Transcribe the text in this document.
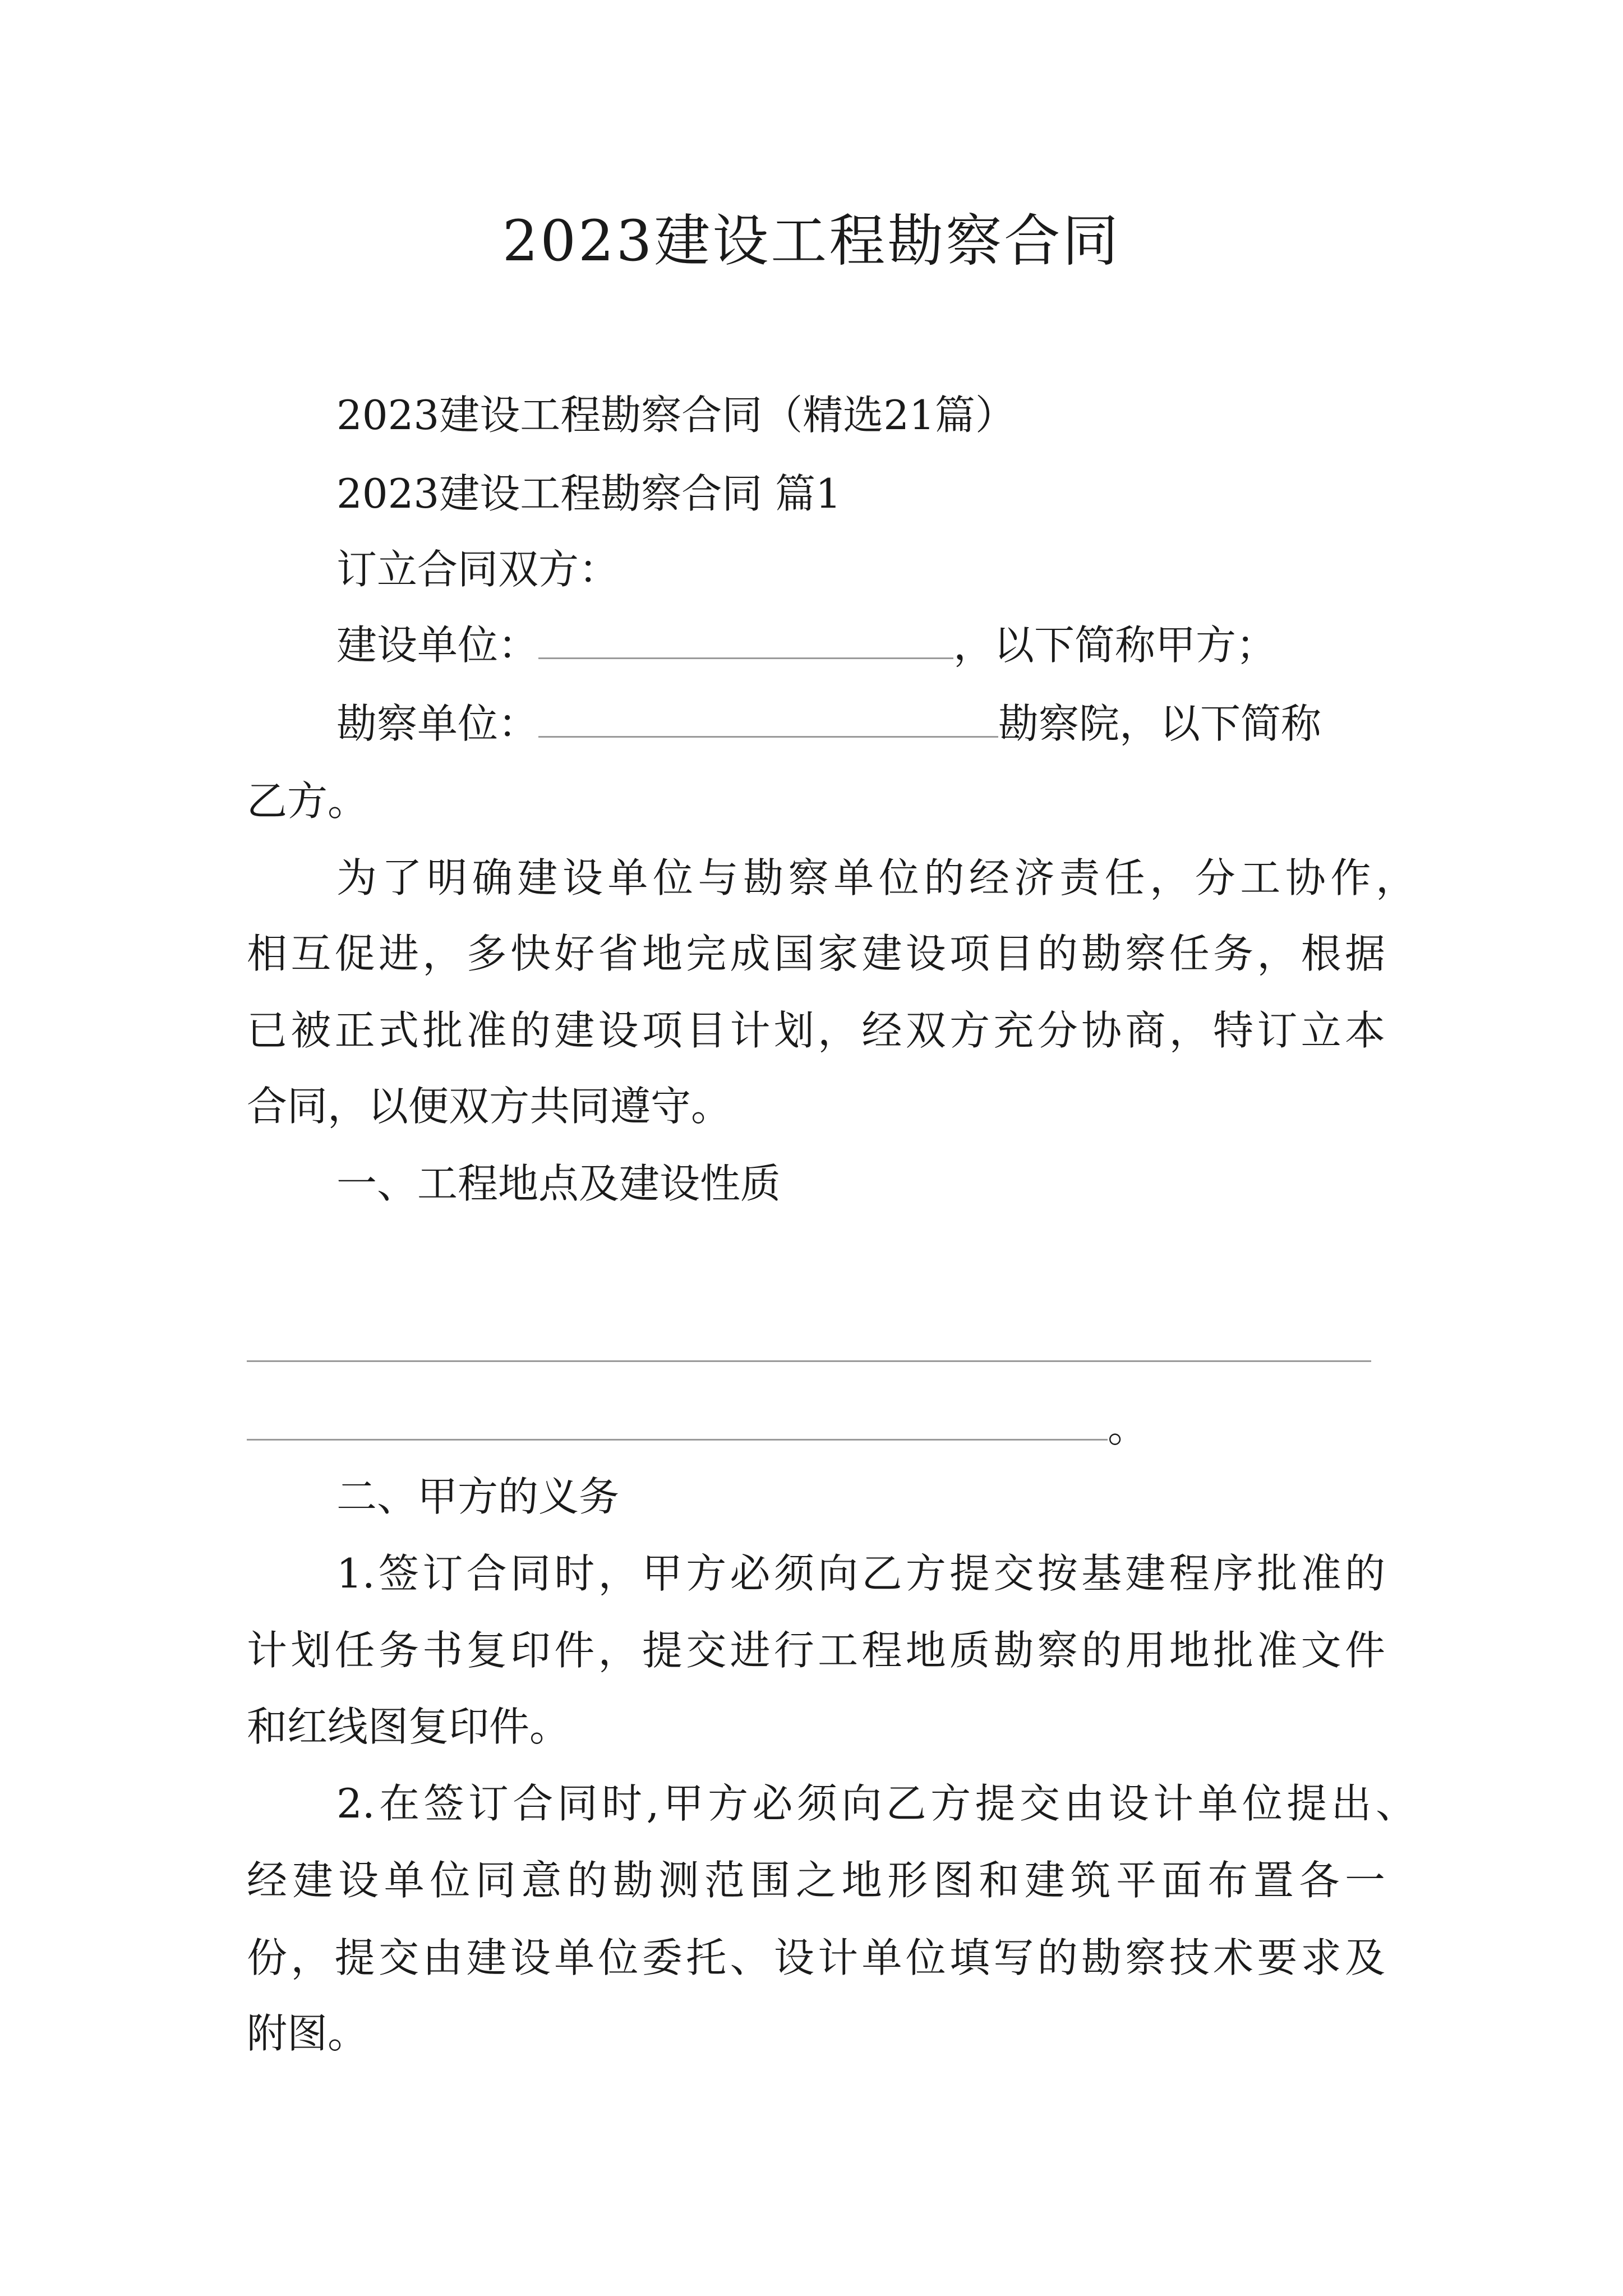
2023建设工程勘察合同
2023建设工程勘察合同（精选21篇）
2023建设工程勘察合同 篇1
订立合同双方：
建设单位：	，以下简称甲方；
勘察单位：	勘察院，以下简称
乙方。
为了明确建设单位与勘察单位的经济责任，分工协作，
相互促进，多快好省地完成国家建设项目的勘察任务，根据
已被正式批准的建设项目计划，经双方充分协商，特订立本
合同，以便双方共同遵守。
一、工程地点及建设性质
。
二、甲方的义务
1.签订合同时，甲方必须向乙方提交按基建程序批准的
计划任务书复印件，提交进行工程地质勘察的用地批准文件
和红线图复印件。
2.在签订合同时,甲方必须向乙方提交由设计单位提出、
经建设单位同意的勘测范围之地形图和建筑平面布置各一
份，提交由建设单位委托、设计单位填写的勘察技术要求及
附图。
